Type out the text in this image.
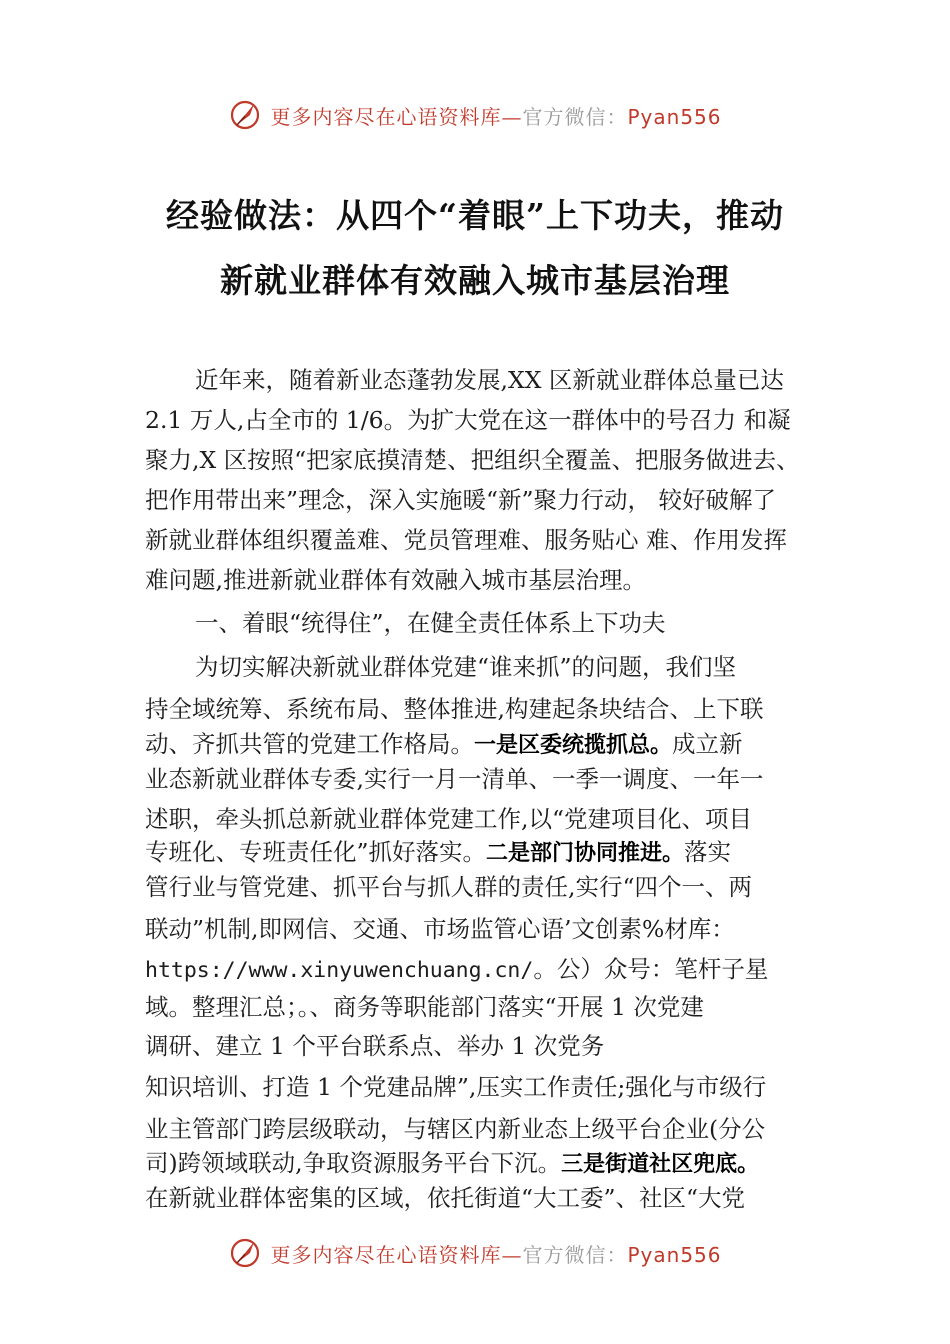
更多内容尽在心语资料库—官方微信：Pyan556
经验做法：从四个“着眼”上下功夫，推动
新就业群体有效融入城市基层治理
近年来，随着新业态蓬勃发展,XX 区新就业群体总量已达
2.1 万人,占全市的 1/6。为扩大党在这一群体中的号召力 和凝
聚力,X 区按照“把家底摸清楚、把组织全覆盖、把服务做进去、
把作用带出来”理念，深入实施暖“新”聚力行动， 较好破解了
新就业群体组织覆盖难、党员管理难、服务贴心 难、作用发挥
难问题,推进新就业群体有效融入城市基层治理。
一、着眼“统得住”，在健全责任体系上下功夫
为切实解决新就业群体党建“谁来抓”的问题，我们坚
持全域统筹、系统布局、整体推进,构建起条块结合、上下联
动、齐抓共管的党建工作格局。一是区委统揽抓总。成立新
业态新就业群体专委,实行一月一清单、一季一调度、一年一
述职，牵头抓总新就业群体党建工作,以“党建项目化、项目
专班化、专班责任化”抓好落实。二是部门协同推进。落实
管行业与管党建、抓平台与抓人群的责任,实行“四个一、两
联动”机制,即网信、交通、市场监管心语’文创素%材库：
https://www.xinyuwenchuang.cn/。公）众号：笔杆子星
域。整理汇总；。、商务等职能部门落实“开展 1 次党建
调研、建立 1 个平台联系点、举办 1 次党务
知识培训、打造 1 个党建品牌”,压实工作责任;强化与市级行
业主管部门跨层级联动，与辖区内新业态上级平台企业(分公
司)跨领域联动,争取资源服务平台下沉。三是街道社区兜底。
在新就业群体密集的区域，依托街道“大工委”、社区“大党
更多内容尽在心语资料库—官方微信：Pyan556
